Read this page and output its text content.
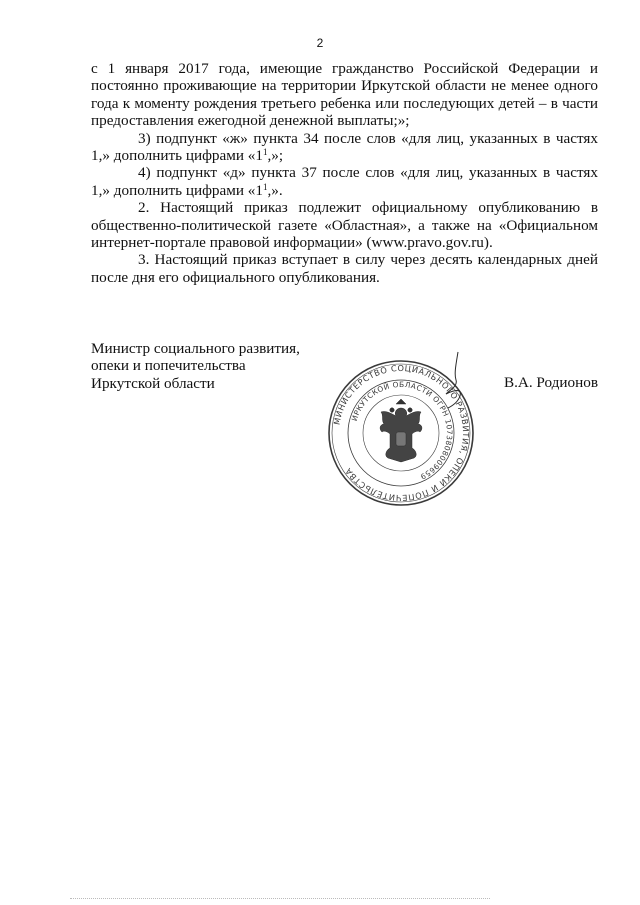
2

с 1 января 2017 года, имеющие гражданство Российской Федерации и постоянно проживающие на территории Иркутской области не менее одного года к моменту рождения третьего ребенка или последующих детей – в части предоставления ежегодной денежной выплаты;»;

3) подпункт «ж» пункта 34 после слов «для лиц, указанных в частях 1,» дополнить цифрами «$1^1$,»;

4) подпункт «д» пункта 37 после слов «для лиц, указанных в частях 1,» дополнить цифрами «$1^1$,».

2. Настоящий приказ подлежит официальному опубликованию в общественно-политической газете «Областная», а также на «Официальном интернет-портале правовой информации» (www.pravo.gov.ru).

3. Настоящий приказ вступает в силу через десять календарных дней после дня его официального опубликования.

Министр социального развития,
опеки и попечительства
Иркутской области	В.А. Родионов
МИНИСТЕРСТВО СОЦИАЛЬНОГО РАЗВИТИЯ, ОПЕКИ И ПОПЕЧИТЕЛЬСТВА
ИРКУТСКОЙ ОБЛАСТИ ОГРН 1073808009659
